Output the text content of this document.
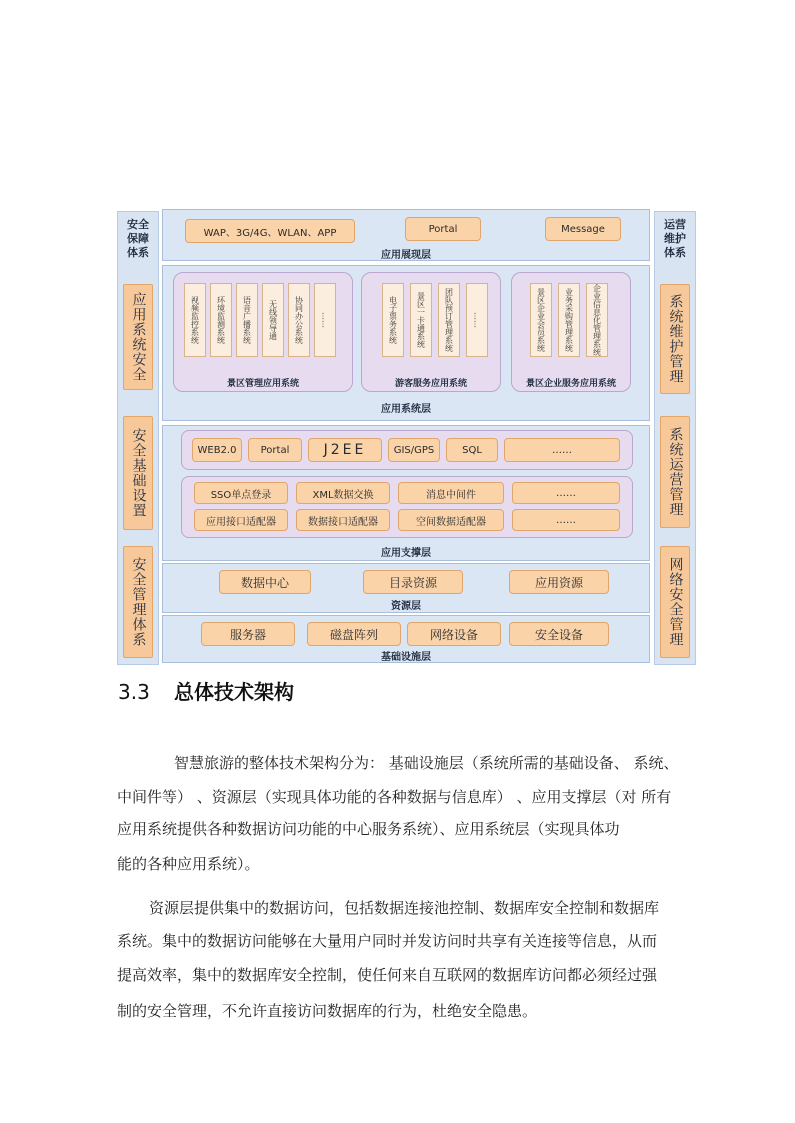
安全保障体系
应用系统安全
安全基础设置
安全管理体系
运营维护体系
系统维护管理
系统运营管理
网络安全管理
WAP、3G/4G、WLAN、APP	Portal	Message
应用展现层
视频监控系统	环境监测系统	语音广播系统	无线领导通	协同办公系统	……
景区管理应用系统
电子票务系统	景区一卡通系统	团队预订管理系统	……
游客服务应用系统
景区企业会员系统	业务采购管理系统	企业信息化管理系统
景区企业服务应用系统
应用系统层
WEB2.0	Portal	J2EE	GIS/GPS	SQL	……
SSO单点登录	XML数据交换	消息中间件	……
应用接口适配器	数据接口适配器	空间数据适配器	……
应用支撑层
数据中心	目录资源	应用资源
资源层
服务器	磁盘阵列	网络设备	安全设备
基础设施层
3.3 总体技术架构
智慧旅游的整体技术架构分为： 基础设施层（系统所需的基础设备、 系统、
中间件等） 、资源层（实现具体功能的各种数据与信息库） 、应用支撑层（对 所有
应用系统提供各种数据访问功能的中心服务系统）、应用系统层（实现具体功
能的各种应用系统）。
资源层提供集中的数据访问，包括数据连接池控制、数据库安全控制和数据库
系统。集中的数据访问能够在大量用户同时并发访问时共享有关连接等信息，从而
提高效率，集中的数据库安全控制，使任何来自互联网的数据库访问都必须经过强
制的安全管理，不允许直接访问数据库的行为，杜绝安全隐患。
